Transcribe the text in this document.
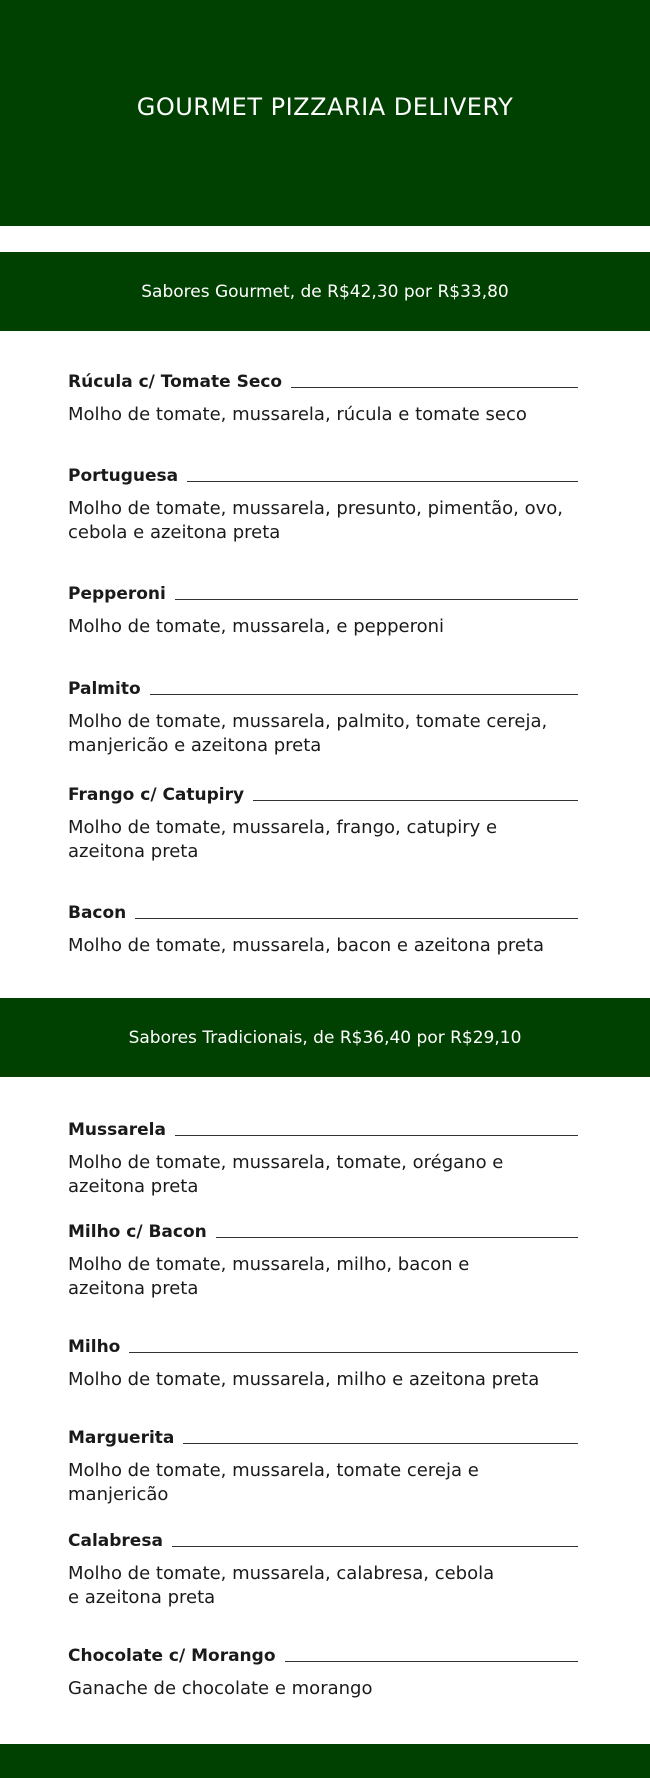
GOURMET PIZZARIA DELIVERY
Sabores Gourmet, de R$42,30 por R$33,80
Rúcula c/ Tomate Seco
Molho de tomate, mussarela, rúcula e tomate seco
Portuguesa
Molho de tomate, mussarela, presunto, pimentão, ovo,
cebola e azeitona preta
Pepperoni
Molho de tomate, mussarela, e pepperoni
Palmito
Molho de tomate, mussarela, palmito, tomate cereja,
manjericão e azeitona preta
Frango c/ Catupiry
Molho de tomate, mussarela, frango, catupiry e
azeitona preta
Bacon
Molho de tomate, mussarela, bacon e azeitona preta
Sabores Tradicionais, de R$36,40 por R$29,10
Mussarela
Molho de tomate, mussarela, tomate, orégano e
azeitona preta
Milho c/ Bacon
Molho de tomate, mussarela, milho, bacon e
azeitona preta
Milho
Molho de tomate, mussarela, milho e azeitona preta
Marguerita
Molho de tomate, mussarela, tomate cereja e
manjericão
Calabresa
Molho de tomate, mussarela, calabresa, cebola
e azeitona preta
Chocolate c/ Morango
Ganache de chocolate e morango
